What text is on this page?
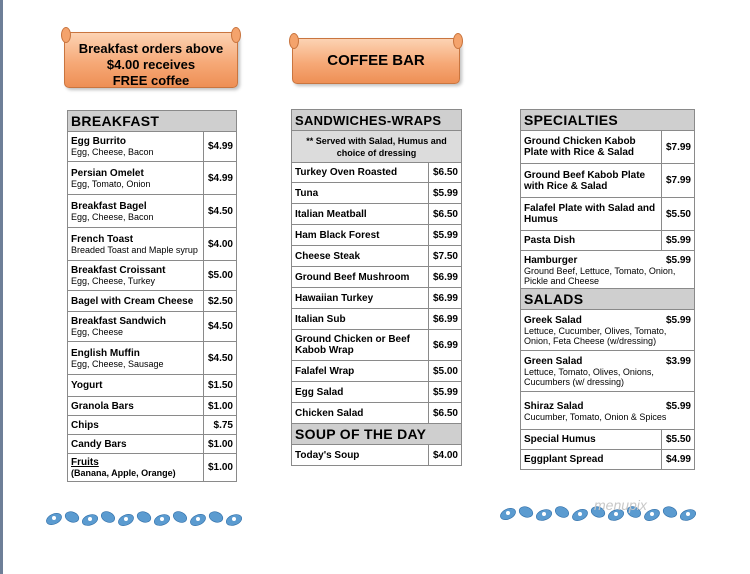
Breakfast orders above
$4.00 receives
FREE coffee
COFFEE BAR
BREAKFAST	

Egg Burrito
Egg, Cheese, Bacon	$4.99

Persian Omelet
Egg, Tomato, Onion	$4.99

Breakfast Bagel
Egg, Cheese, Bacon	$4.50

French Toast
Breaded Toast and Maple syrup	$4.00

Breakfast Croissant
Egg, Cheese, Turkey	$5.00

Bagel with Cream Cheese	$2.50

Breakfast Sandwich
Egg, Cheese	$4.50

English Muffin
Egg, Cheese, Sausage	$4.50

Yogurt	$1.50

Granola Bars	$1.00

Chips	$.75

Candy Bars	$1.00

Fruits
(Banana, Apple, Orange)	$1.00
SANDWICHES-WRAPS	
** Served with Salad, Humus and choice of dressing	

Turkey Oven Roasted	$6.50

Tuna	$5.99

Italian Meatball	$6.50

Ham Black Forest	$5.99

Cheese Steak	$7.50

Ground Beef Mushroom	$6.99

Hawaiian Turkey	$6.99

Italian Sub	$6.99

Ground Chicken or Beef Kabob Wrap	$6.99

Falafel Wrap	$5.00

Egg Salad	$5.99

Chicken Salad	$6.50
SOUP OF THE DAY	

Today's Soup	$4.00
SPECIALTIES	

Ground Chicken Kabob Plate with Rice & Salad	$7.99

Ground Beef Kabob Plate with Rice & Salad	$7.99

Falafel Plate with Salad and Humus	$5.50

Pasta Dish	$5.99

Hamburger $5.99
Ground Beef, Lettuce, Tomato, Onion, Pickle and Cheese	

SALADS	

Greek Salad $5.99
Lettuce, Cucumber, Olives, Tomato, Onion, Feta Cheese (w/dressing)	

Green Salad $3.99
Lettuce, Tomato, Olives, Onions, Cucumbers (w/ dressing)	

Shiraz Salad $5.99
Cucumber, Tomato, Onion & Spices	

Special Humus	$5.50

Eggplant Spread	$4.99
menupix
